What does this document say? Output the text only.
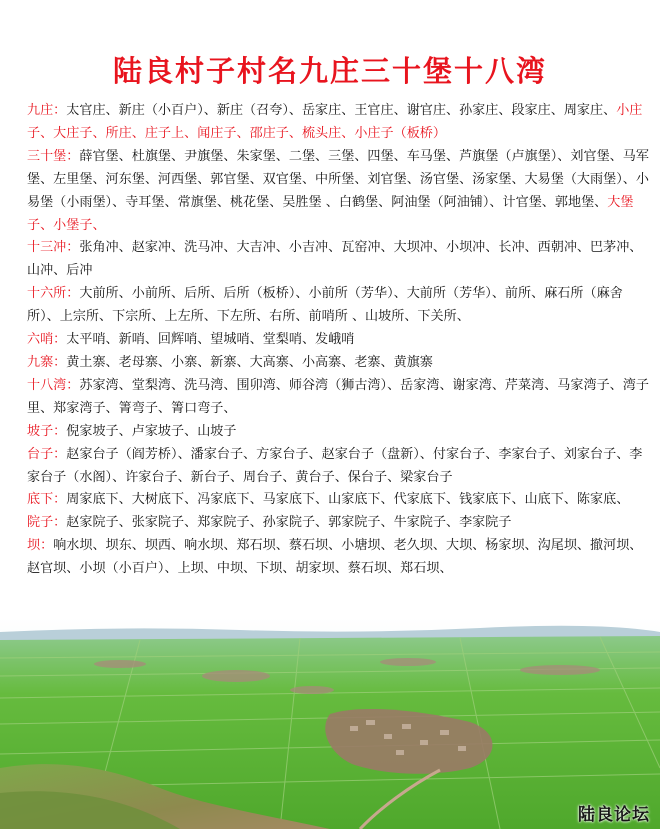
陆良村子村名九庄三十堡十八湾

九庄：太官庄、新庄（小百户）、新庄（召夸）、岳家庄、王官庄、谢官庄、孙家庄、段家庄、周家庄、小庄子、大庄子、所庄、庄子上、闻庄子、邵庄子、梳头庄、小庄子（板桥）

三十堡：薛官堡、杜旗堡、尹旗堡、朱家堡、二堡、三堡、四堡、车马堡、芦旗堡（卢旗堡）、刘官堡、马军堡、左里堡、河东堡、河西堡、郭官堡、双官堡、中所堡、刘官堡、汤官堡、汤家堡、大易堡（大雨堡）、小易堡（小雨堡）、寺耳堡、常旗堡、桃花堡、吴胜堡 、白鹤堡、阿油堡（阿油铺）、计官堡、郭地堡、大堡子、小堡子、

十三冲：张角冲、赵家冲、洗马冲、大吉冲、小吉冲、瓦窑冲、大坝冲、小坝冲、长冲、西朝冲、巴茅冲、山冲、后冲

十六所：大前所、小前所、后所、后所（板桥）、小前所（芳华）、大前所（芳华）、前所、麻石所（麻舍所）、上宗所、下宗所、上左所、下左所、右所、前哨所 、山坡所、下关所、

六哨：太平哨、新哨、回辉哨、望城哨、堂梨哨、发峨哨

九寨：黄土寨、老母寨、小寨、新寨、大高寨、小高寨、老寨、黄旗寨

十八湾：苏家湾、堂梨湾、洗马湾、围卯湾、师谷湾（狮古湾）、岳家湾、谢家湾、芹菜湾、马家湾子、湾子里、郑家湾子、箐弯子、箐口弯子、

坡子：倪家坡子、卢家坡子、山坡子

台子：赵家台子（阎芳桥）、潘家台子、方家台子、赵家台子（盘新）、付家台子、李家台子、刘家台子、李家台子（水阁）、许家台子、新台子、周台子、黄台子、保台子、梁家台子

底下：周家底下、大树底下、冯家底下、马家底下、山家底下、代家底下、钱家底下、山底下、陈家底、

院子：赵家院子、张家院子、郑家院子、孙家院子、郭家院子、牛家院子、李家院子

坝：响水坝、坝东、坝西、响水坝、郑石坝、蔡石坝、小塘坝、老久坝、大坝、杨家坝、沟尾坝、撤河坝、赵官坝、小坝（小百户）、上坝、中坝、下坝、胡家坝、蔡石坝、郑石坝、

陆良论坛
